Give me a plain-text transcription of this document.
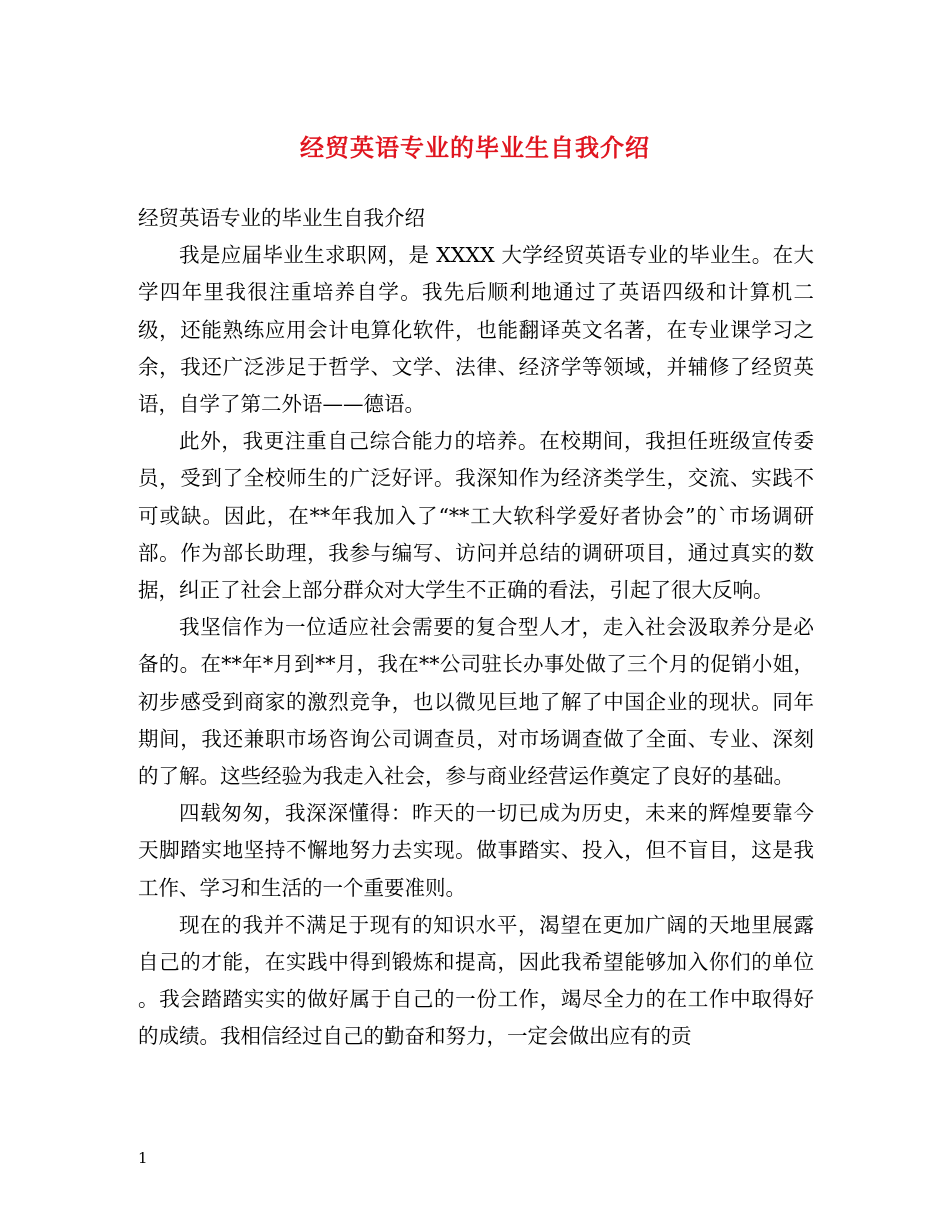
经贸英语专业的毕业生自我介绍

经贸英语专业的毕业生自我介绍

我是应届毕业生求职网，是 XXXX 大学经贸英语专业的毕业生。在大学四年里我很注重培养自学。我先后顺利地通过了英语四级和计算机二级，还能熟练应用会计电算化软件，也能翻译英文名著，在专业课学习之余，我还广泛涉足于哲学、文学、法律、经济学等领域，并辅修了经贸英语，自学了第二外语——德语。

此外，我更注重自己综合能力的培养。在校期间，我担任班级宣传委员，受到了全校师生的广泛好评。我深知作为经济类学生，交流、实践不可或缺。因此，在**年我加入了“**工大软科学爱好者协会”的`市场调研部。作为部长助理，我参与编写、访问并总结的调研项目，通过真实的数据，纠正了社会上部分群众对大学生不正确的看法，引起了很大反响。

我坚信作为一位适应社会需要的复合型人才，走入社会汲取养分是必备的。在**年*月到**月，我在**公司驻长办事处做了三个月的促销小姐，初步感受到商家的激烈竞争，也以微见巨地了解了中国企业的现状。同年期间，我还兼职市场咨询公司调查员，对市场调查做了全面、专业、深刻的了解。这些经验为我走入社会，参与商业经营运作奠定了良好的基础。

四载匆匆，我深深懂得：昨天的一切已成为历史，未来的辉煌要靠今天脚踏实地坚持不懈地努力去实现。做事踏实、投入，但不盲目，这是我工作、学习和生活的一个重要准则。

现在的我并不满足于现有的知识水平，渴望在更加广阔的天地里展露自己的才能，在实践中得到锻炼和提高，因此我希望能够加入你们的单位 。我会踏踏实实的做好属于自己的一份工作，竭尽全力的在工作中取得好的成绩。我相信经过自己的勤奋和努力，一定会做出应有的贡

1
